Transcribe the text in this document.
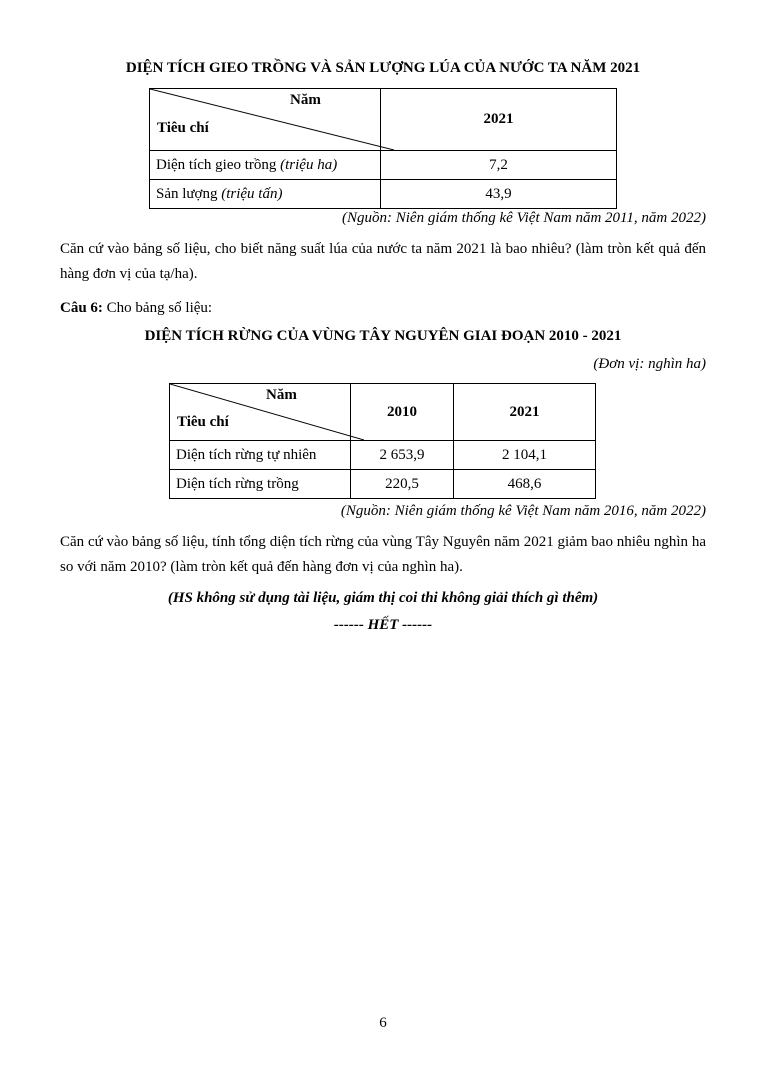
DIỆN TÍCH GIEO TRỒNG VÀ SẢN LƯỢNG LÚA CỦA NƯỚC TA NĂM 2021
Năm
Tiêu chí	2021
Diện tích gieo trồng (triệu ha)	7,2
Sản lượng (triệu tấn)	43,9
(Nguồn: Niên giám thống kê Việt Nam năm 2011, năm 2022)
Căn cứ vào bảng số liệu, cho biết năng suất lúa của nước ta năm 2021 là bao nhiêu? (làm tròn kết quả đến hàng đơn vị của tạ/ha).
Câu 6: Cho bảng số liệu:
DIỆN TÍCH RỪNG CỦA VÙNG TÂY NGUYÊN GIAI ĐOẠN 2010 - 2021
(Đơn vị: nghìn ha)
Năm
Tiêu chí	2010	2021
Diện tích rừng tự nhiên	2 653,9	2 104,1
Diện tích rừng trồng	220,5	468,6
(Nguồn: Niên giám thống kê Việt Nam năm 2016, năm 2022)
Căn cứ vào bảng số liệu, tính tổng diện tích rừng của vùng Tây Nguyên năm 2021 giảm bao nhiêu nghìn ha so với năm 2010? (làm tròn kết quả đến hàng đơn vị của nghìn ha).
(HS không sử dụng tài liệu, giám thị coi thi không giải thích gì thêm)
------ HẾT ------
6
